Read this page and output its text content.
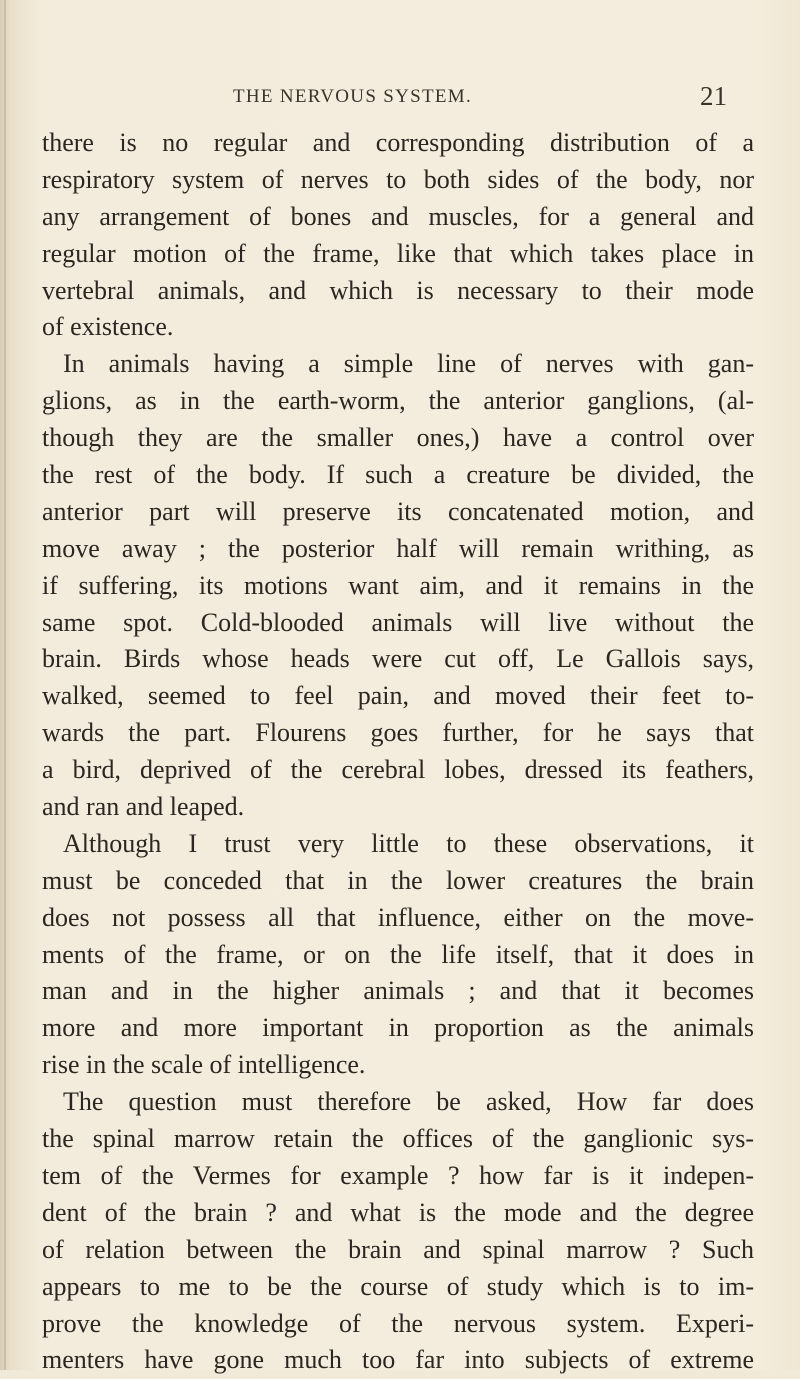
THE NERVOUS SYSTEM.	21
there is no regular and corresponding distribution of a
respiratory system of nerves to both sides of the body, nor
any arrangement of bones and muscles, for a general and
regular motion of the frame, like that which takes place in
vertebral animals, and which is necessary to their mode
of existence.
In animals having a simple line of nerves with gan-
glions, as in the earth-worm, the anterior ganglions, (al-
though they are the smaller ones,) have a control over
the rest of the body. If such a creature be divided, the
anterior part will preserve its concatenated motion, and
move away ; the posterior half will remain writhing, as
if suffering, its motions want aim, and it remains in the
same spot. Cold-blooded animals will live without the
brain. Birds whose heads were cut off, Le Gallois says,
walked, seemed to feel pain, and moved their feet to-
wards the part. Flourens goes further, for he says that
a bird, deprived of the cerebral lobes, dressed its feathers,
and ran and leaped.
Although I trust very little to these observations, it
must be conceded that in the lower creatures the brain
does not possess all that influence, either on the move-
ments of the frame, or on the life itself, that it does in
man and in the higher animals ; and that it becomes
more and more important in proportion as the animals
rise in the scale of intelligence.
The question must therefore be asked, How far does
the spinal marrow retain the offices of the ganglionic sys-
tem of the Vermes for example ? how far is it indepen-
dent of the brain ? and what is the mode and the degree
of relation between the brain and spinal marrow ? Such
appears to me to be the course of study which is to im-
prove the knowledge of the nervous system. Experi-
menters have gone much too far into subjects of extreme
